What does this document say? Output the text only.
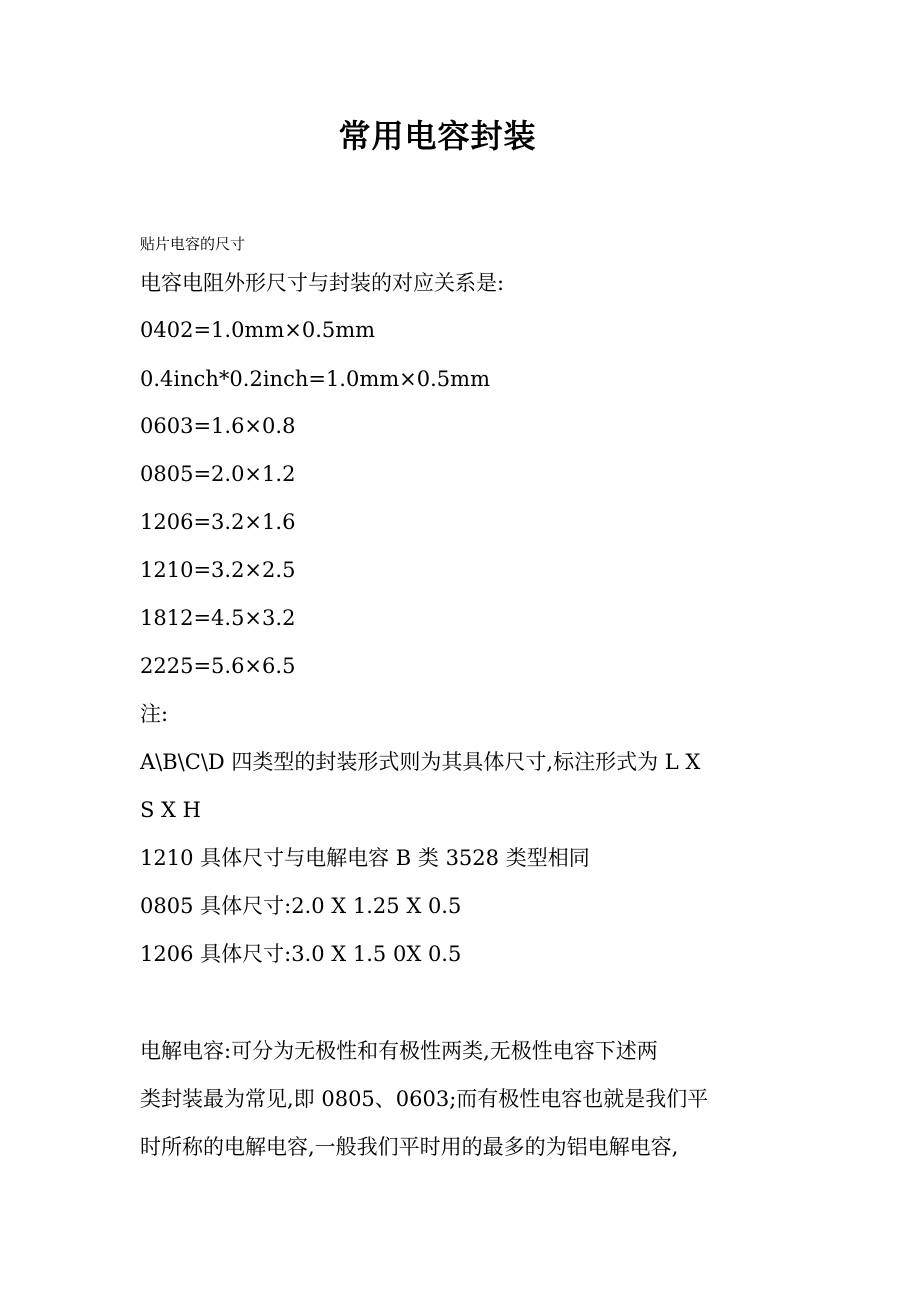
常用电容封装
贴片电容的尺寸
电容电阻外形尺寸与封装的对应关系是:
0402=1.0mm×0.5mm
0.4inch*0.2inch=1.0mm×0.5mm
0603=1.6×0.8
0805=2.0×1.2
1206=3.2×1.6
1210=3.2×2.5
1812=4.5×3.2
2225=5.6×6.5
注:
A\B\C\D 四类型的封装形式则为其具体尺寸,标注形式为 L X
S X H
1210 具体尺寸与电解电容 B 类 3528 类型相同
0805 具体尺寸:2.0 X 1.25 X 0.5
1206 具体尺寸:3.0 X 1.5 0X 0.5
电解电容:可分为无极性和有极性两类,无极性电容下述两
类封装最为常见,即 0805、0603;而有极性电容也就是我们平
时所称的电解电容,一般我们平时用的最多的为铝电解电容,
